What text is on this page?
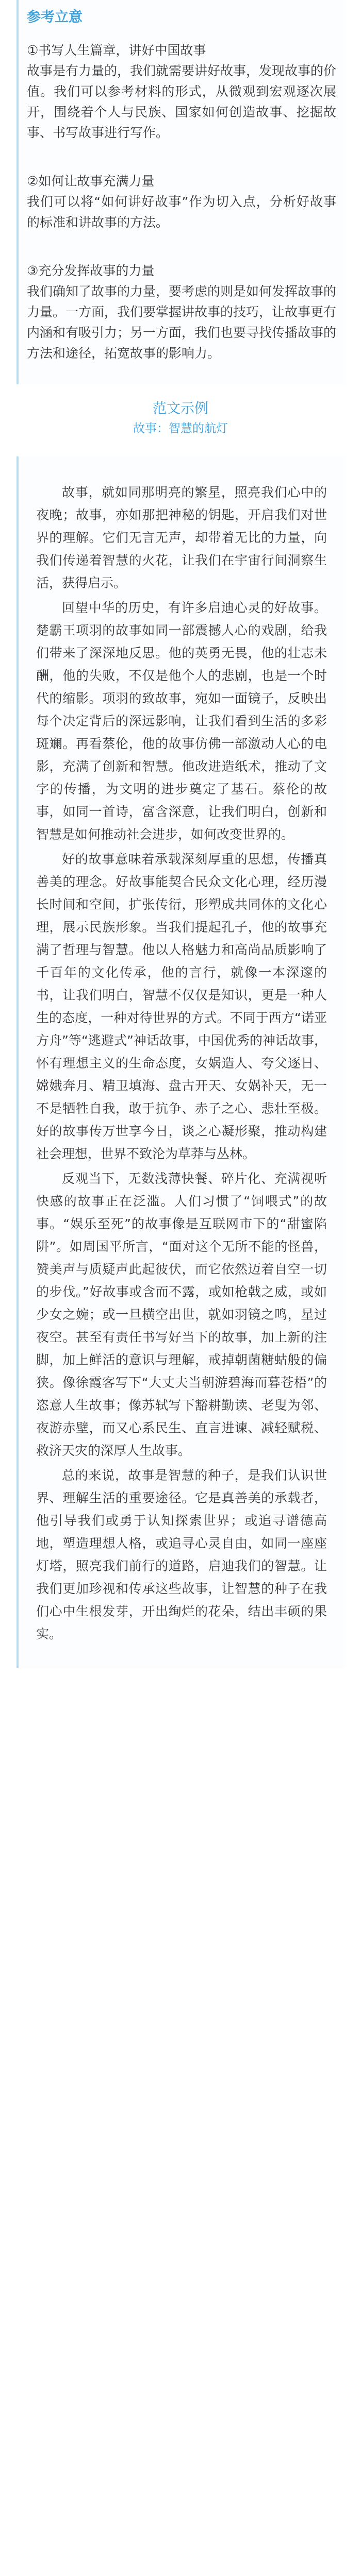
参考立意

①书写人生篇章，讲好中国故事

故事是有力量的，我们就需要讲好故事，发现故事的价值。我们可以参考材料的形式，从微观到宏观逐次展开，围绕着个人与民族、国家如何创造故事、挖掘故事、书写故事进行写作。

②如何让故事充满力量

我们可以将“如何讲好故事”作为切入点，分析好故事的标准和讲故事的方法。

③充分发挥故事的力量

我们确知了故事的力量，要考虑的则是如何发挥故事的力量。一方面，我们要掌握讲故事的技巧，让故事更有内涵和有吸引力；另一方面，我们也要寻找传播故事的方法和途径，拓宽故事的影响力。

范文示例

故事：智慧的航灯

故事，就如同那明亮的繁星，照亮我们心中的夜晚；故事，亦如那把神秘的钥匙，开启我们对世界的理解。它们无言无声，却带着无比的力量，向我们传递着智慧的火花，让我们在宇宙行间洞察生活，获得启示。

回望中华的历史，有许多启迪心灵的好故事。楚霸王项羽的故事如同一部震撼人心的戏剧，给我们带来了深深地反思。他的英勇无畏，他的壮志未酬，他的失败，不仅是他个人的悲剧，也是一个时代的缩影。项羽的致故事，宛如一面镜子，反映出每个决定背后的深远影响，让我们看到生活的多彩斑斓。再看蔡伦，他的故事仿佛一部激动人心的电影，充满了创新和智慧。他改进造纸术，推动了文字的传播，为文明的进步奠定了基石。蔡伦的故事，如同一首诗，富含深意，让我们明白，创新和智慧是如何推动社会进步，如何改变世界的。

好的故事意味着承载深刻厚重的思想，传播真善美的理念。好故事能契合民众文化心理，经历漫长时间和空间，扩张传衍，形塑成共同体的文化心理，展示民族形象。当我们提起孔子，他的故事充满了哲理与智慧。他以人格魅力和高尚品质影响了千百年的文化传承，他的言行，就像一本深邃的书，让我们明白，智慧不仅仅是知识，更是一种人生的态度，一种对待世界的方式。不同于西方“诺亚方舟”等“逃避式”神话故事，中国优秀的神话故事，怀有理想主义的生命态度，女娲造人、夸父逐日、嫦娥奔月、精卫填海、盘古开天、女娲补天，无一不是牺牲自我，敢于抗争、赤子之心、悲壮至极。好的故事传万世享今日，谈之心凝形聚，推动构建社会理想，世界不致沦为草莽与丛林。

反观当下，无数浅薄快餐、碎片化、充满视听快感的故事正在泛滥。人们习惯了“饲喂式”的故事。“娱乐至死”的故事像是互联网市下的“甜蜜陷阱”。如周国平所言，“面对这个无所不能的怪兽，赞美声与质疑声此起彼伏，而它依然迈着自空一切的步伐。”好故事或含而不露，或如枪戟之威，或如少女之婉；或一旦横空出世，就如羽镜之鸣，星过夜空。甚至有责任书写好当下的故事，加上新的注脚，加上鲜活的意识与理解，戒掉朝菌糖蛄般的偏狭。像徐霞客写下“大丈夫当朝游碧海而暮苍梧”的恣意人生故事；像苏轼写下豁耕勤读、老叟为邻、夜游赤壁，而又心系民生、直言进谏、减轻赋税、救济天灾的深厚人生故事。

总的来说，故事是智慧的种子，是我们认识世界、理解生活的重要途径。它是真善美的承载者，他引导我们或勇于认知探索世界；或追寻谱德高地，塑造理想人格，或追寻心灵自由，如同一座座灯塔，照亮我们前行的道路，启迪我们的智慧。让我们更加珍视和传承这些故事，让智慧的种子在我们心中生根发芽，开出绚烂的花朵，结出丰硕的果实。
